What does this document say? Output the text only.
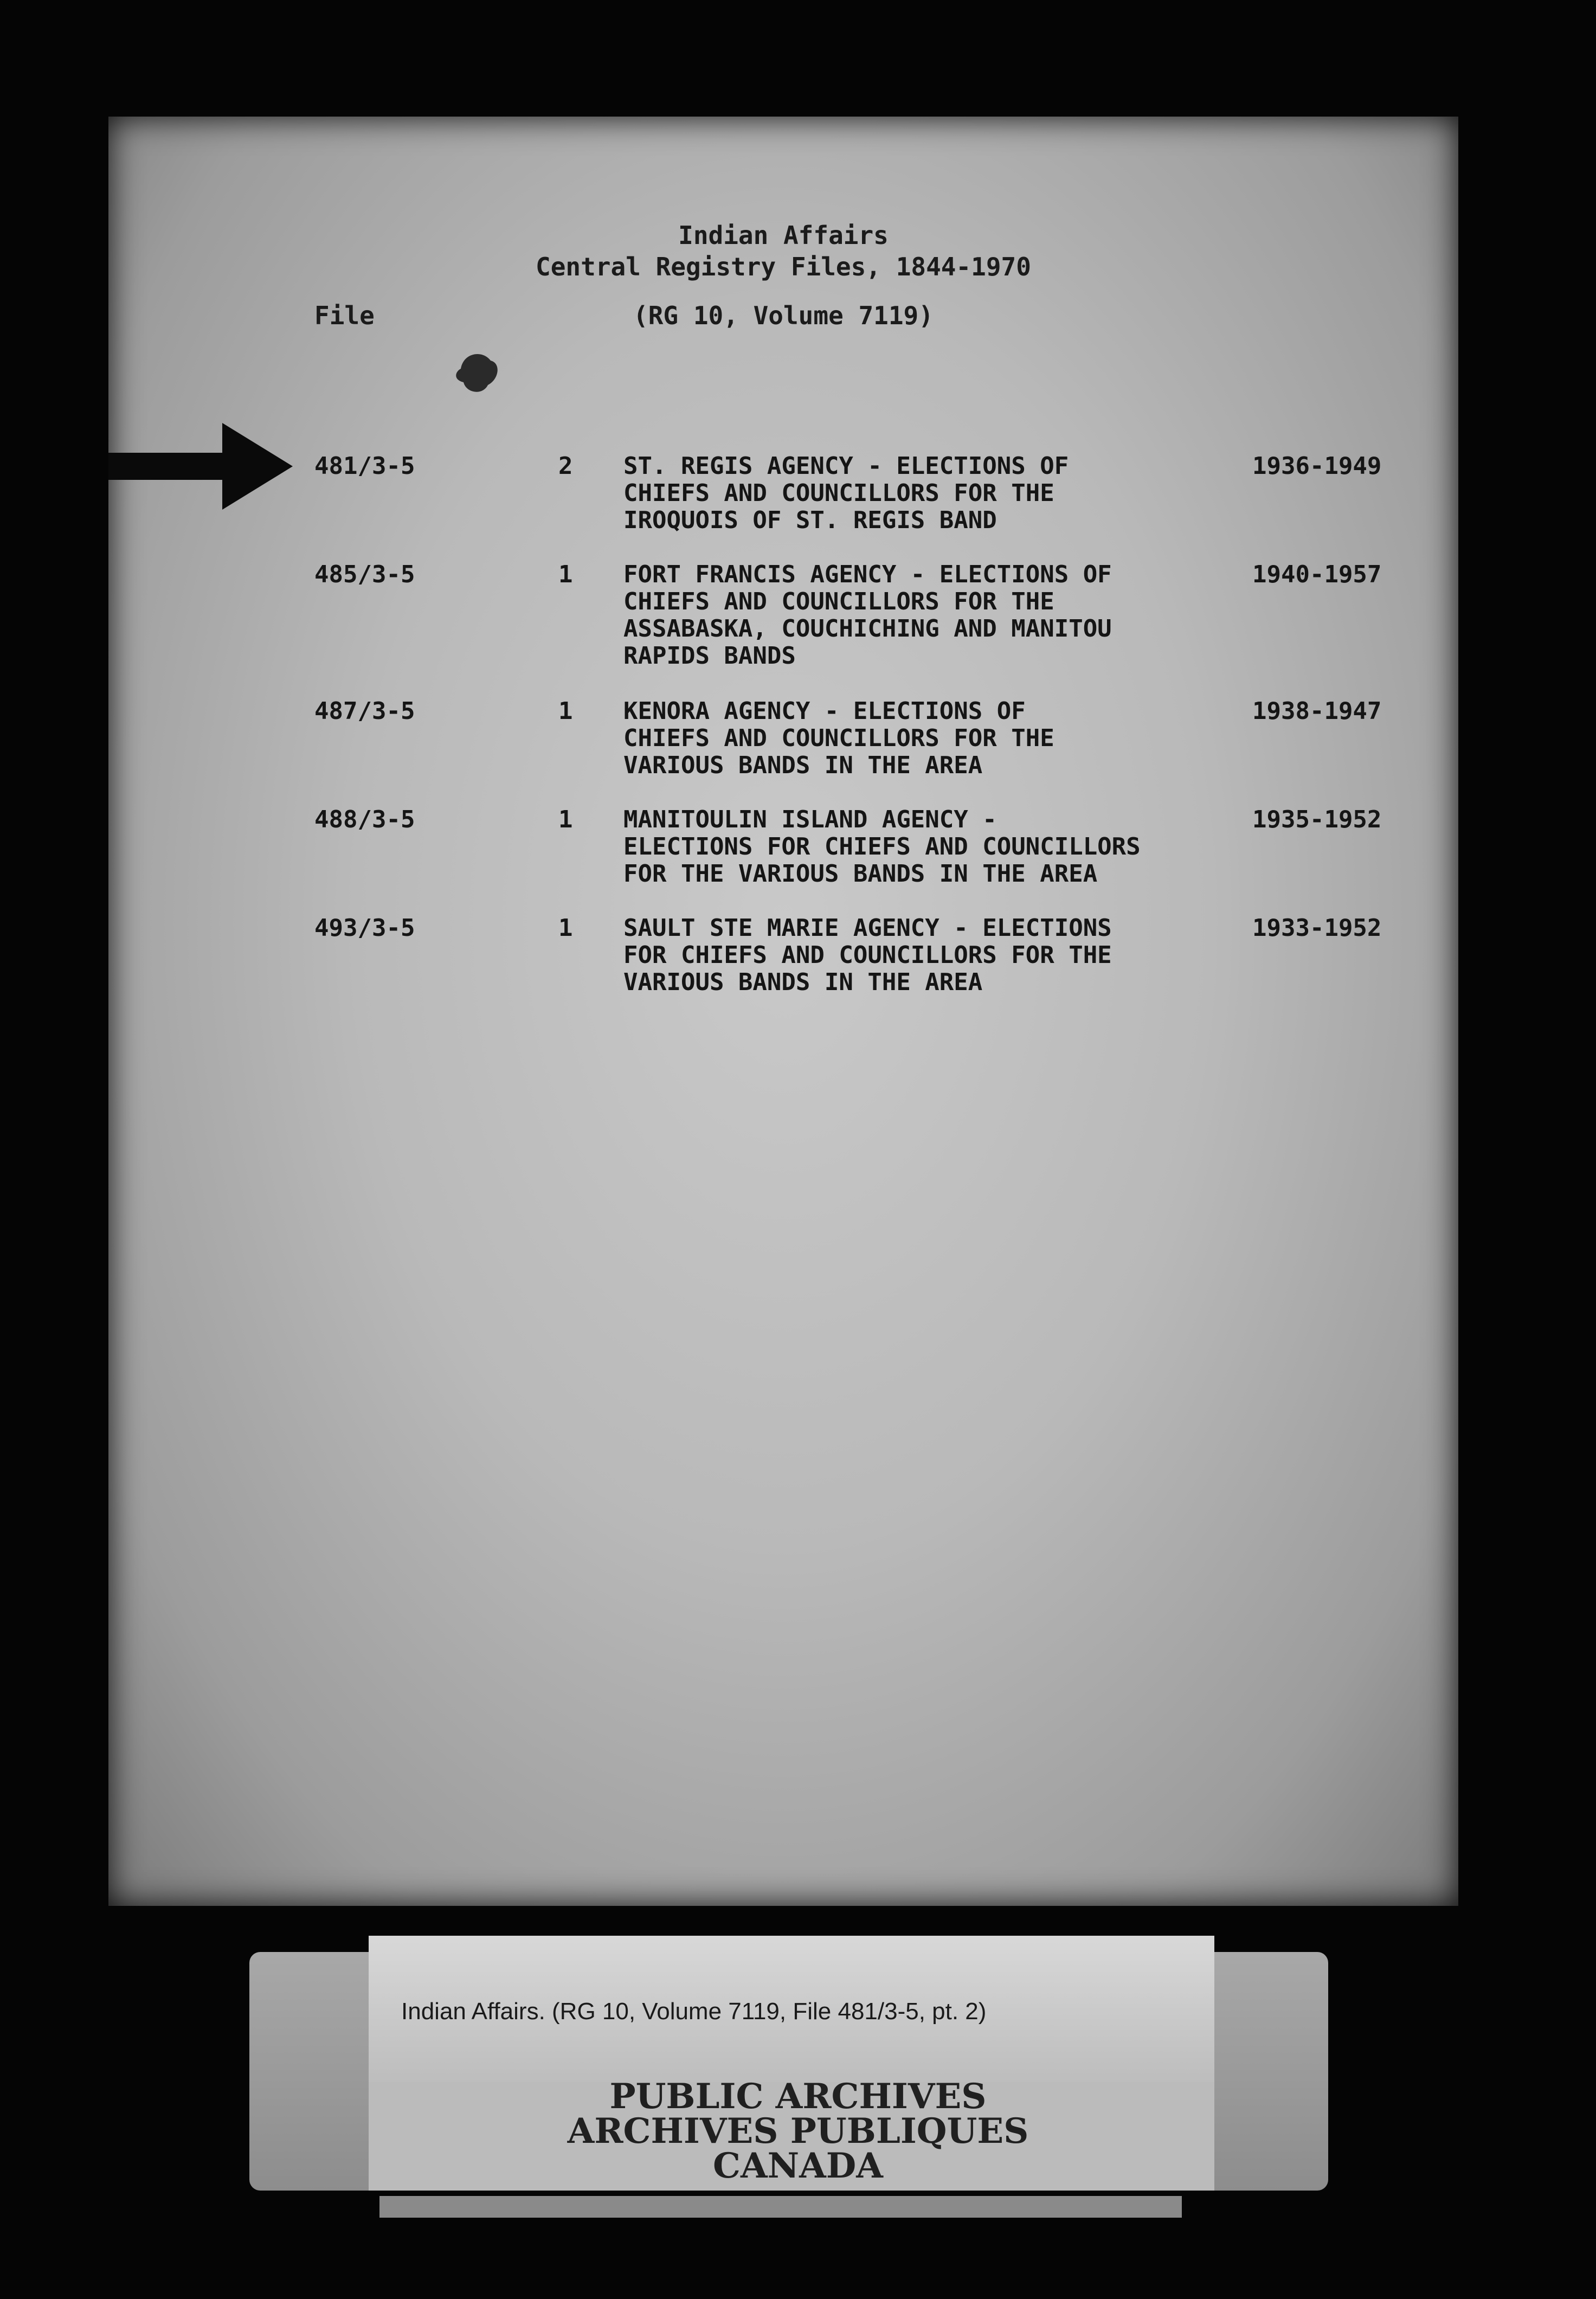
Indian Affairs
Central Registry Files, 1844-1970
File	(RG 10, Volume 7119)
481/3-5	2 ST. REGIS AGENCY - ELECTIONS OF
CHIEFS AND COUNCILLORS FOR THE
IROQUOIS OF ST. REGIS BAND
1936-1949
485/3-5	1 FORT FRANCIS AGENCY - ELECTIONS OF
CHIEFS AND COUNCILLORS FOR THE
ASSABASKA, COUCHICHING AND MANITOU
RAPIDS BANDS
1940-1957
487/3-5	1 KENORA AGENCY - ELECTIONS OF
CHIEFS AND COUNCILLORS FOR THE
VARIOUS BANDS IN THE AREA
1938-1947
488/3-5	1 MANITOULIN ISLAND AGENCY -
ELECTIONS FOR CHIEFS AND COUNCILLORS
FOR THE VARIOUS BANDS IN THE AREA
1935-1952
493/3-5	1 SAULT STE MARIE AGENCY - ELECTIONS
FOR CHIEFS AND COUNCILLORS FOR THE
VARIOUS BANDS IN THE AREA
1933-1952
Indian Affairs. (RG 10, Volume 7119, File 481/3-5, pt. 2)
PUBLIC ARCHIVES
ARCHIVES PUBLIQUES
CANADA
